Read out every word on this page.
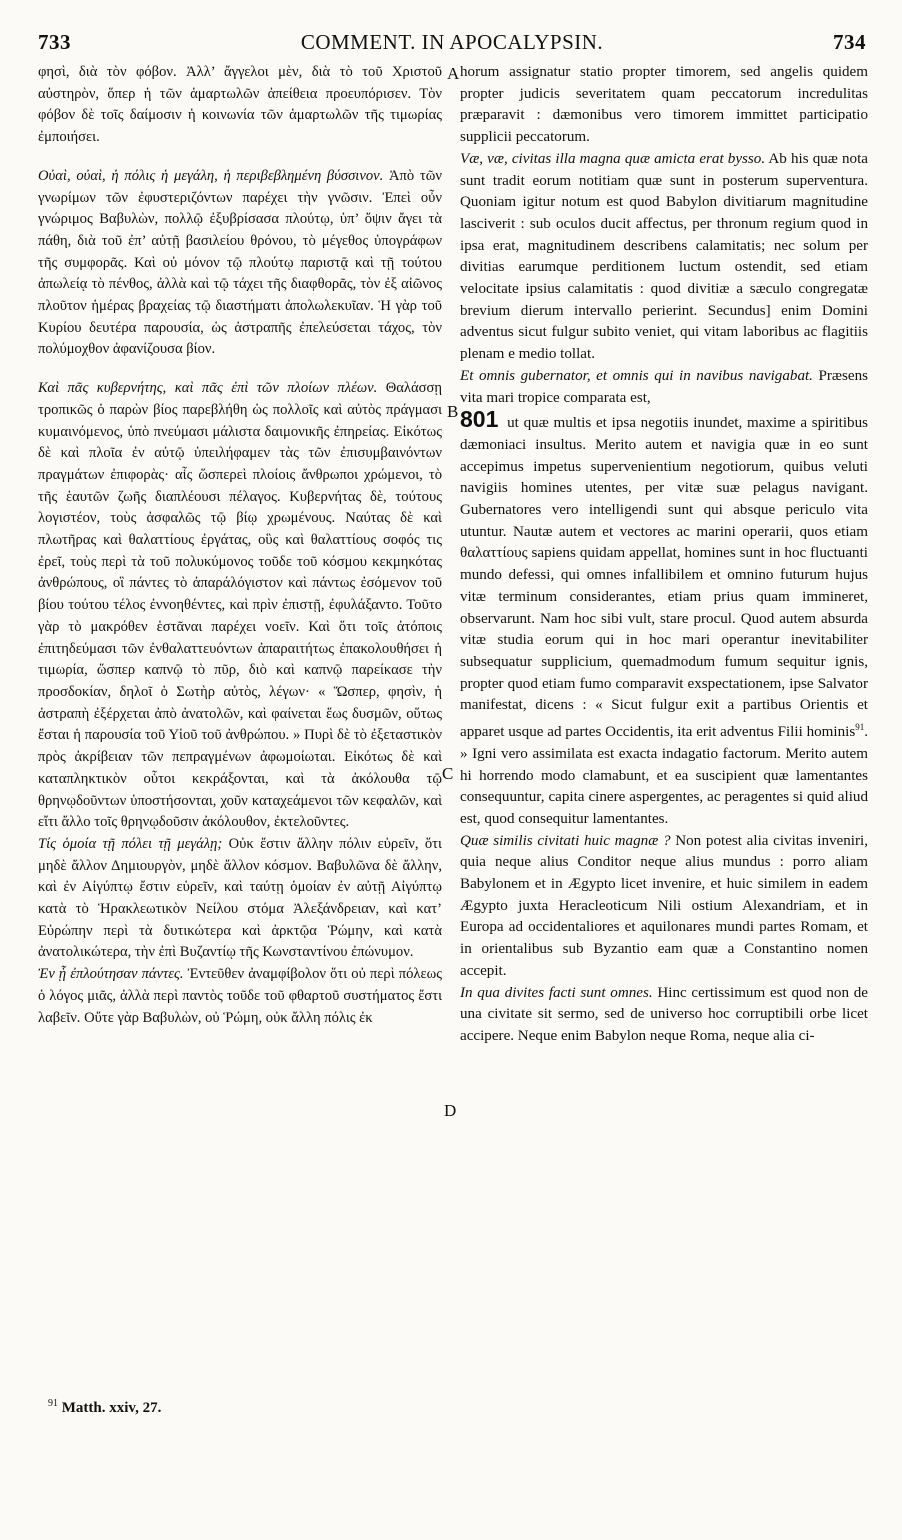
733	COMMENT. IN APOCALYPSIN.	734

φησὶ, διὰ τὸν φόβον. Ἀλλ’ ἄγγελοι μὲν, διὰ τὸ τοῦ Χριστοῦ αὐστηρὸν, ὅπερ ἡ τῶν ἁμαρτωλῶν ἀπείθεια προευπόρισεν. Τὸν φόβον δὲ τοῖς δαίμοσιν ἡ κοινωνία τῶν ἁμαρτωλῶν τῆς τιμωρίας ἐμποιήσει.

Οὐαὶ, οὐαὶ, ἡ πόλις ἡ μεγάλη, ἡ περιβεβλημένη βύσσινον. Ἀπὸ τῶν γνωρίμων τῶν ἐφυστεριζόντων παρέχει τὴν γνῶσιν. Ἐπεὶ οὖν γνώριμος Βαβυλὼν, πολλῷ ἐξυβρίσασα πλούτῳ, ὑπ’ ὄψιν ἄγει τὰ πάθη, διὰ τοῦ ἐπ’ αὐτῇ βασιλείου θρόνου, τὸ μέγεθος ὑπογράφων τῆς συμφορᾶς. Καὶ οὐ μόνον τῷ πλούτῳ παριστᾷ καὶ τῇ τούτου ἀπωλείᾳ τὸ πένθος, ἀλλὰ καὶ τῷ τάχει τῆς διαφθορᾶς, τὸν ἐξ αἰῶνος πλοῦτον ἡμέρας βραχείας τῷ διαστήματι ἀπολωλεκυῖαν. Ἡ γὰρ τοῦ Κυρίου δευτέρα παρουσία, ὡς ἀστραπῆς ἐπελεύσεται τάχος, τὸν πολύμοχθον ἀφανίζουσα βίον.

Καὶ πᾶς κυβερνήτης, καὶ πᾶς ἐπὶ τῶν πλοίων πλέων. Θαλάσσῃ τροπικῶς ὁ παρὼν βίος παρεβλήθη ὡς πολλοῖς καὶ αὐτὸς πράγμασι κυμαινόμενος, ὑπὸ πνεύμασι μάλιστα δαιμονικῆς ἐπηρείας. Εἰκότως δὲ καὶ πλοῖα ἐν αὐτῷ ὑπειλήφαμεν τὰς τῶν ἐπισυμβαινόντων πραγμάτων ἐπιφορὰς· αἷς ὥσπερεὶ πλοίοις ἄνθρωποι χρώμενοι, τὸ τῆς ἑαυτῶν ζωῆς διαπλέουσι πέλαγος. Κυβερνήτας δὲ, τούτους λογιστέον, τοὺς ἀσφαλῶς τῷ βίῳ χρωμένους. Ναύτας δὲ καὶ πλωτῆρας καὶ θαλαττίους ἐργάτας, οὓς καὶ θαλαττίους σοφός τις ἐρεῖ, τοὺς περὶ τὰ τοῦ πολυκύμονος τοῦδε τοῦ κόσμου κεκμηκότας ἀνθρώπους, οἳ πάντες τὸ ἀπαράλόγιστον καὶ πάντως ἐσόμενον τοῦ βίου τούτου τέλος ἐννοηθέντες, καὶ πρὶν ἐπιστῇ, ἐφυλάξαντο. Τοῦτο γὰρ τὸ μακρόθεν ἑστᾶναι παρέχει νοεῖν. Καὶ ὅτι τοῖς ἀτόποις ἐπιτηδεύμασι τῶν ἐνθαλαττευόντων ἀπαραιτήτως ἐπακολουθήσει ἡ τιμωρία, ὥσπερ καπνῷ τὸ πῦρ, διὸ καὶ καπνῷ παρείκασε τὴν προσδοκίαν, δηλοῖ ὁ Σωτὴρ αὐτὸς, λέγων· « Ὥσπερ, φησὶν, ἡ ἀστραπὴ ἐξέρχεται ἀπὸ ἀνατολῶν, καὶ φαίνεται ἕως δυσμῶν, οὕτως ἔσται ἡ παρουσία τοῦ Υἱοῦ τοῦ ἀνθρώπου. » Πυρὶ δὲ τὸ ἐξεταστικὸν πρὸς ἀκρίβειαν τῶν πεπραγμένων ἀφωμοίωται. Εἰκότως δὲ καὶ καταπληκτικὸν οὗτοι κεκράξονται, καὶ τὰ ἀκόλουθα τῷ θρηνῳδοῦντων ὑποστήσονται, χοῦν καταχεάμενοι τῶν κεφαλῶν, καὶ εἴτι ἄλλο τοῖς θρηνῳδοῦσιν ἀκόλουθον, ἐκτελοῦντες.

Τίς ὁμοία τῇ πόλει τῇ μεγάλῃ; Οὐκ ἔστιν ἄλλην πόλιν εὑρεῖν, ὅτι μηδὲ ἄλλον Δημιουργὸν, μηδὲ ἄλλον κόσμον. Βαβυλῶνα δὲ ἄλλην, καὶ ἐν Αἰγύπτῳ ἔστιν εὑρεῖν, καὶ ταύτῃ ὁμοίαν ἐν αὐτῇ Αἰγύπτῳ κατὰ τὸ Ἡρακλεωτικὸν Νείλου στόμα Ἀλεξάνδρειαν, καὶ κατ’ Εὐρώπην περὶ τὰ δυτικώτερα καὶ ἀρκτῷα Ῥώμην, καὶ κατὰ ἀνατολικώτερα, τὴν ἐπὶ Βυζαντίῳ τῆς Κωνσταντίνου ἐπώνυμον.

Ἐν ᾗ ἐπλούτησαν πάντες. Ἐντεῦθεν ἀναμφίβολον ὅτι οὐ περὶ πόλεως ὁ λόγος μιᾶς, ἀλλὰ περὶ παντὸς τοῦδε τοῦ φθαρτοῦ συστήματος ἔστι λαβεῖν. Οὔτε γὰρ Βαβυλὼν, οὐ Ῥώμη, οὐκ ἄλλη πόλις ἐκ

horum assignatur statio propter timorem, sed angelis quidem propter judicis severitatem quam peccatorum incredulitas præparavit : dæmonibus vero timorem immittet participatio supplicii peccatorum.

Væ, væ, civitas illa magna quæ amicta erat bysso. Ab his quæ nota sunt tradit eorum notitiam quæ sunt in posterum superventura. Quoniam igitur notum est quod Babylon divitiarum magnitudine lasciverit : sub oculos ducit affectus, per thronum regium quod in ipsa erat, magnitudinem describens calamitatis; nec solum per divitias earumque perditionem luctum ostendit, sed etiam velocitate ipsius calamitatis : quod divitiæ a sæculo congregatæ brevium dierum intervallo perierint. Secundus] enim Domini adventus sicut fulgur subito veniet, qui vitam laboribus ac flagitiis plenam e medio tollat.

Et omnis gubernator, et omnis qui in navibus navigabat. Præsens vita mari tropice comparata est,
801 ut quæ multis et ipsa negotiis inundet, maxime a spiritibus dæmoniaci insultus. Merito autem et navigia quæ in eo sunt accepimus impetus supervenientium negotiorum, quibus veluti navigiis homines utentes, per vitæ suæ pelagus navigant. Gubernatores vero intelligendi sunt qui absque periculo vita utuntur. Nautæ autem et vectores ac marini operarii, quos etiam θαλαττίους sapiens quidam appellat, homines sunt in hoc fluctuanti mundo defessi, qui omnes infallibilem et omnino futurum hujus vitæ terminum considerantes, etiam prius quam immineret, observarunt. Nam hoc sibi vult, stare procul. Quod autem absurda vitæ studia eorum qui in hoc mari operantur inevitabiliter subsequatur supplicium, quemadmodum fumum sequitur ignis, propter quod etiam fumo comparavit exspectationem, ipse Salvator manifestat, dicens : « Sicut fulgur exit a partibus Orientis et apparet usque ad partes Occidentis, ita erit adventus Filii hominis$^{91}$. » Igni vero assimilata est exacta indagatio factorum. Merito autem hi horrendo modo clamabunt, et ea suscipient quæ lamentantes consequuntur, capita cinere aspergentes, ac peragentes si quid aliud est, quod consequitur lamentantes.

Quæ similis civitati huic magnæ ? Non potest alia civitas inveniri, quia neque alius Conditor neque alius mundus : porro aliam Babylonem et in Ægypto licet invenire, et huic similem in eadem Ægypto juxta Heracleoticum Nili ostium Alexandriam, et in Europa ad occidentaliores et aquilonares mundi partes Romam, et in orientalibus sub Byzantio eam quæ a Constantino nomen accepit.

In qua divites facti sunt omnes. Hinc certissimum est quod non de una civitate sit sermo, sed de universo hoc corruptibili orbe licet accipere. Neque enim Babylon neque Roma, neque alia ci-

A
B
C
D
$^{91}$ Matth. xxiv, 27.
